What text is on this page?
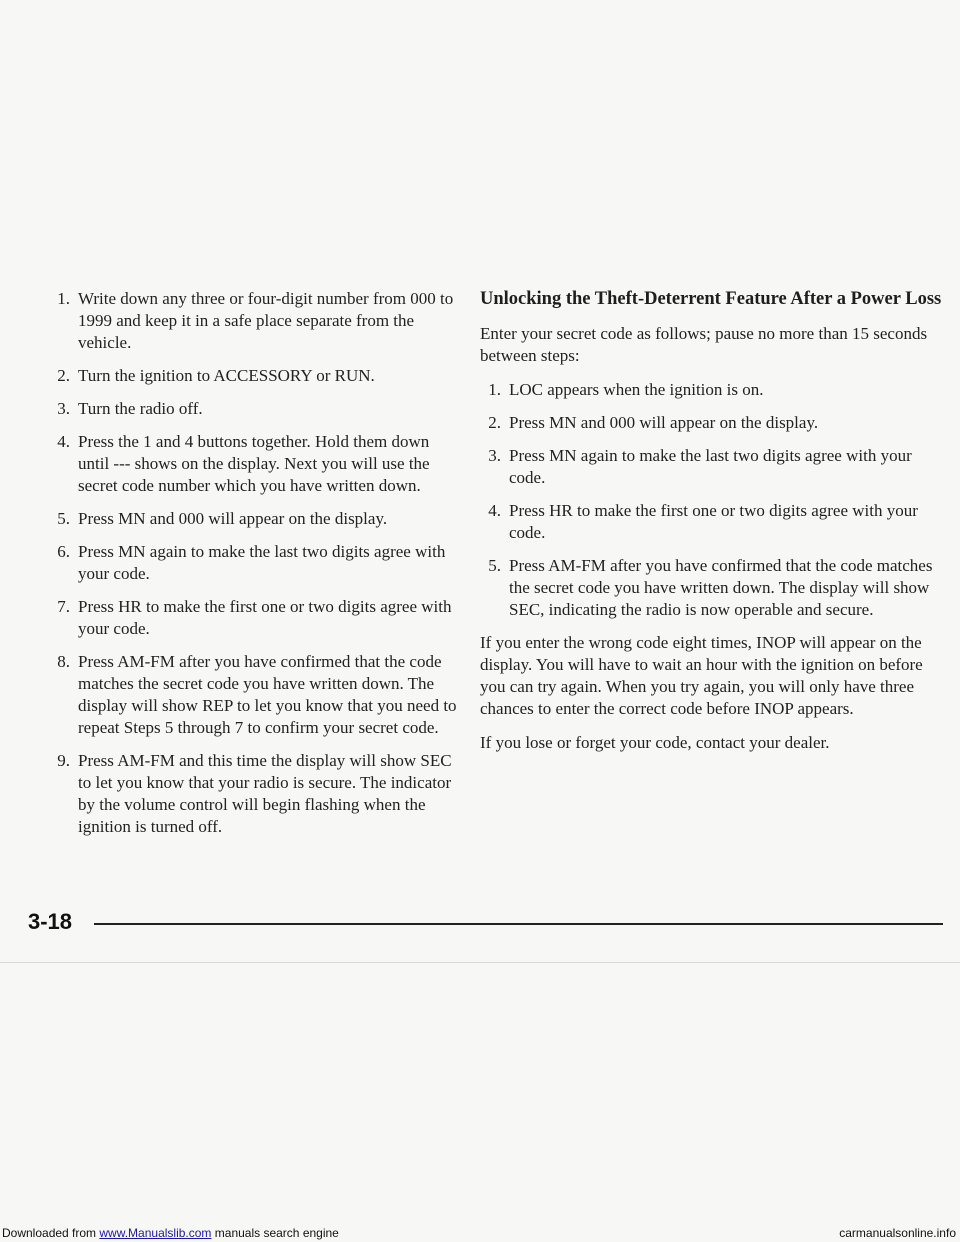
1. Write down any three or four-digit number from 000 to 1999 and keep it in a safe place separate from the vehicle.
2. Turn the ignition to ACCESSORY or RUN.
3. Turn the radio off.
4. Press the 1 and 4 buttons together. Hold them down until --- shows on the display. Next you will use the secret code number which you have written down.
5. Press MN and 000 will appear on the display.
6. Press MN again to make the last two digits agree with your code.
7. Press HR to make the first one or two digits agree with your code.
8. Press AM-FM after you have confirmed that the code matches the secret code you have written down. The display will show REP to let you know that you need to repeat Steps 5 through 7 to confirm your secret code.
9. Press AM-FM and this time the display will show SEC to let you know that your radio is secure. The indicator by the volume control will begin flashing when the ignition is turned off.
Unlocking the Theft-Deterrent Feature After a Power Loss

Enter your secret code as follows; pause no more than 15 seconds between steps:

1. LOC appears when the ignition is on.
2. Press MN and 000 will appear on the display.
3. Press MN again to make the last two digits agree with your code.
4. Press HR to make the first one or two digits agree with your code.
5. Press AM-FM after you have confirmed that the code matches the secret code you have written down. The display will show SEC, indicating the radio is now operable and secure.

If you enter the wrong code eight times, INOP will appear on the display. You will have to wait an hour with the ignition on before you can try again. When you try again, you will only have three chances to enter the correct code before INOP appears.

If you lose or forget your code, contact your dealer.

3-18
Downloaded from www.Manualslib.com manuals search engine	carmanualsonline.info
